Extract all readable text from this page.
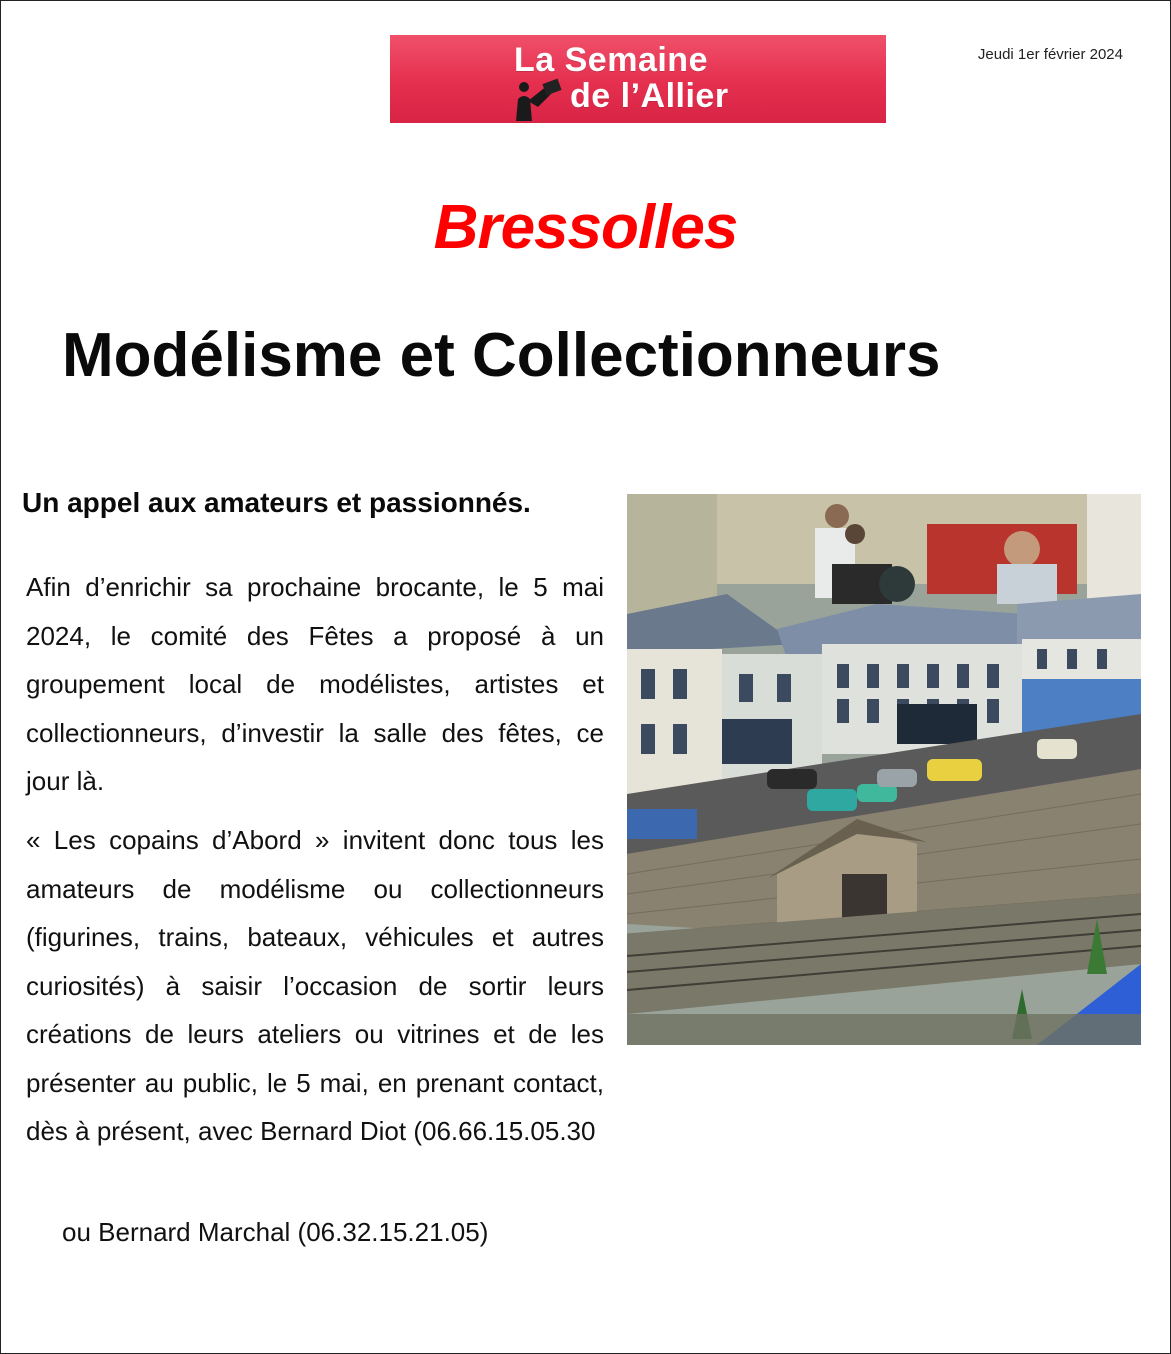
La Semaine
de l’Allier
Jeudi 1er février 2024
Bressolles
Modélisme et Collectionneurs
Un appel aux amateurs et passionnés.
Afin d’enrichir sa prochaine brocante, le 5 mai 2024, le comité des Fêtes a proposé à un groupement local de modélistes, artistes et collectionneurs, d’investir la salle des fêtes, ce jour là.
« Les copains d’Abord » invitent donc tous les amateurs de modélisme ou collectionneurs (figurines, trains, bateaux, véhicules et autres curiosités) à saisir l’occasion de sortir leurs créations de leurs ateliers ou vitrines et de les présenter au public, le 5 mai, en prenant contact, dès à présent, avec Bernard Diot (06.66.15.05.30
ou Bernard Marchal (06.32.15.21.05)
